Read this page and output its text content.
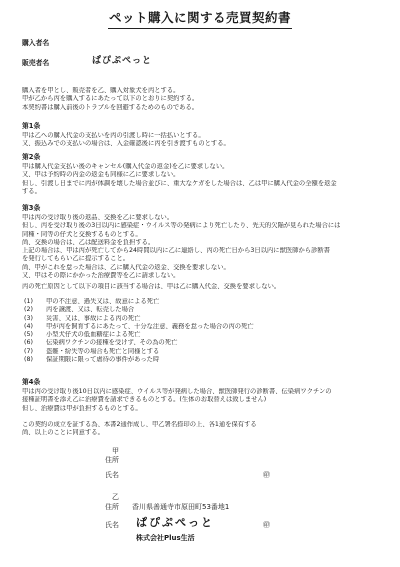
ペット購入に関する売買契約書
購入者名
販売者名	ぱぴぷぺっと
購入者を甲とし、販売者を乙、購入対象犬を丙とする。
甲が乙から丙を購入するにあたって以下のとおりに契約する。
本契約書は購入前後のトラブルを回避するためのものである。
第1条
甲は乙への購入代金の支払いを丙の引渡し時に一括払いとする。
又、振込みでの支払いの場合は、入金確認後に丙を引き渡すものとする。
第2条
甲は購入代金支払い後のキャンセル(購入代金の返金)を乙に要求しない。
又、甲は予約時の内金の返金も同様に乙に要求しない。
但し、引渡し日までに丙が体調を壊した場合並びに、重大なケガをした場合は、乙は甲に購入代金の全額を返金
する。
第3条
甲は丙の受け取り後の返品、交換を乙に要求しない。
但し、丙を受け取り後の3日以内に感染症・ウイルス等の発病により死亡したり、先天的欠陥が見られた場合には
同種・同等の仔犬と交換するものとする。
尚、交換の場合は、乙は配送料金を負担する。
上記の場合は、甲は丙が死亡してから24時間以内に乙に連絡し、丙の死亡日から3日以内に獣医師から診断書
を発行してもらい乙に提示すること。
尚、甲がこれを怠った場合は、乙に購入代金の返金、交換を要求しない。
又、甲はその際にかかった治療費等を乙に請求しない。
丙の死亡原因として以下の項目に該当する場合は、甲は乙に購入代金、交換を要求しない。
(1)	甲の不注意、過失又は、故意による死亡
(2)	丙を譲渡、又は、転売した場合
(3)	災害、又は、事故による丙の死亡
(4)	甲が丙を飼育するにあたって、十分な注意、義務を怠った場合の丙の死亡
(5)	小型犬仔犬の低血糖症による死亡
(6)	伝染病ワクチンの接種を受けず、その為の死亡
(7)	盗難・紛失等の場合も死亡と同様とする
(8)	保証期限に限って虐待の事件があった時
第4条
甲は丙の受け取り後10日以内に感染症、ウイルス等が発病した場合、獣医師発行の診断書、伝染病ワクチンの
接種証明書を添え乙に治療費を請求できるものとする。(生体のお取替えは致しません)
但し、治療費は甲が負担するものとする。
この契約の成立を証する為、本書2通作成し、甲乙署名捺印の上、各1通を保有する
尚、以上のことに同意する。
甲
住所
氏名	㊞
乙
住所 香川県善通寺市原田町53番地1
氏名 ぱぴぷぺっと	㊞
株式会社Plus生活
